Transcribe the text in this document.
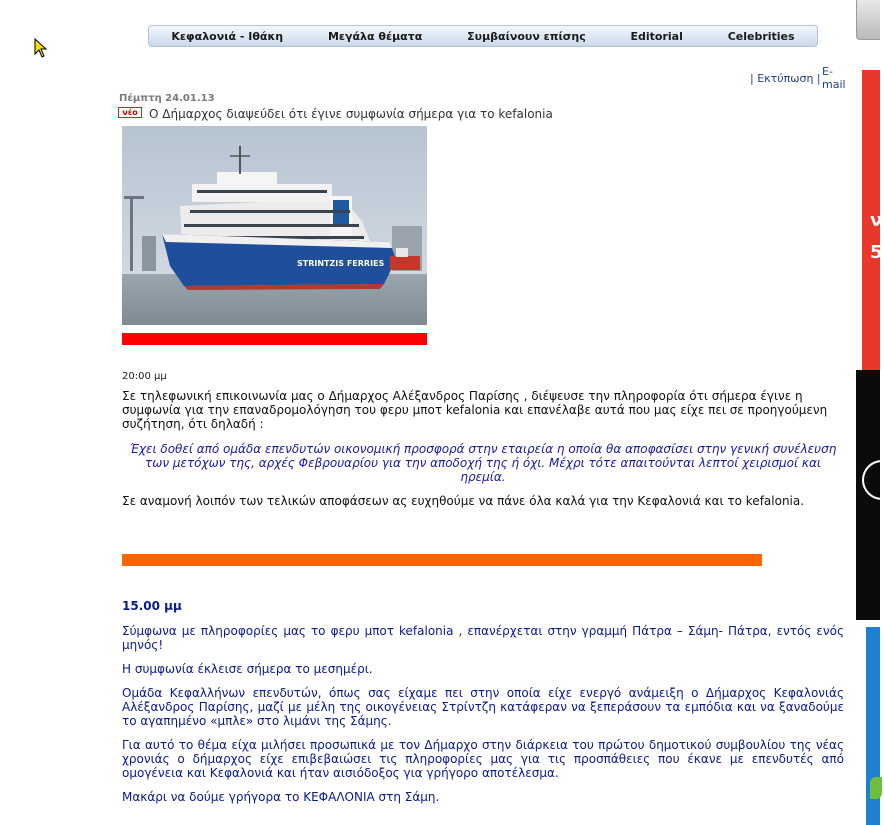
Κεφαλονιά - Ιθάκη	Μεγάλα θέματα	Συμβαίνουν επίσης	Editorial	Celebrities
| Εκτύπωση |
E-mail
Πέμπτη 24.01.13
νέο Ο Δήμαρχος διαψεύδει ότι έγινε συμφωνία σήμερα για το kefalonia
STRINTZIS FERRIES
20:00 μμ
Σε τηλεφωνική επικοινωνία μας ο Δήμαρχος Αλέξανδρος Παρίσης , διέψευσε την πληροφορία ότι σήμερα έγινε η συμφωνία για την επαναδρομολόγηση του φερυ μποτ kefalonia και επανέλαβε αυτά που μας είχε πει σε προηγούμενη συζήτηση, ότι δηλαδή :
Έχει δοθεί από ομάδα επενδυτών οικονομική προσφορά στην εταιρεία η οποία θα αποφασίσει στην γενική συνέλευση των μετόχων της, αρχές Φεβρουαρίου για την αποδοχή της ή όχι. Μέχρι τότε απαιτούνται λεπτοί χειρισμοί και ηρεμία.
Σε αναμονή λοιπόν των τελικών αποφάσεων ας ευχηθούμε να πάνε όλα καλά για την Κεφαλονιά και το kefalonia.
15.00 μμ
Σύμφωνα με πληροφορίες μας το φερυ μποτ kefalonia , επανέρχεται στην γραμμή Πάτρα – Σάμη- Πάτρα, εντός ενός μηνός!
Η συμφωνία έκλεισε σήμερα το μεσημέρι.
Ομάδα Κεφαλλήνων επενδυτών, όπως σας είχαμε πει στην οποία είχε ενεργό ανάμειξη ο Δήμαρχος Κεφαλονιάς Αλέξανδρος Παρίσης, μαζί με μέλη της οικογένειας Στρίντζη κατάφεραν να ξεπεράσουν τα εμπόδια και να ξαναδούμε το αγαπημένο «μπλε» στο λιμάνι της Σάμης.
Για αυτό το θέμα είχα μιλήσει προσωπικά με τον Δήμαρχο στην διάρκεια του πρώτου δημοτικού συμβουλίου της νέας χρονιάς ο δήμαρχος είχε επιβεβαιώσει τις πληροφορίες μας για τις προσπάθειες που έκανε με επενδυτές από ομογένεια και Κεφαλονιά και ήταν αισιόδοξος για γρήγορο αποτέλεσμα.
Μακάρι να δούμε γρήγορα το ΚΕΦΑΛΟΝΙΑ στη Σάμη.
ν
5
